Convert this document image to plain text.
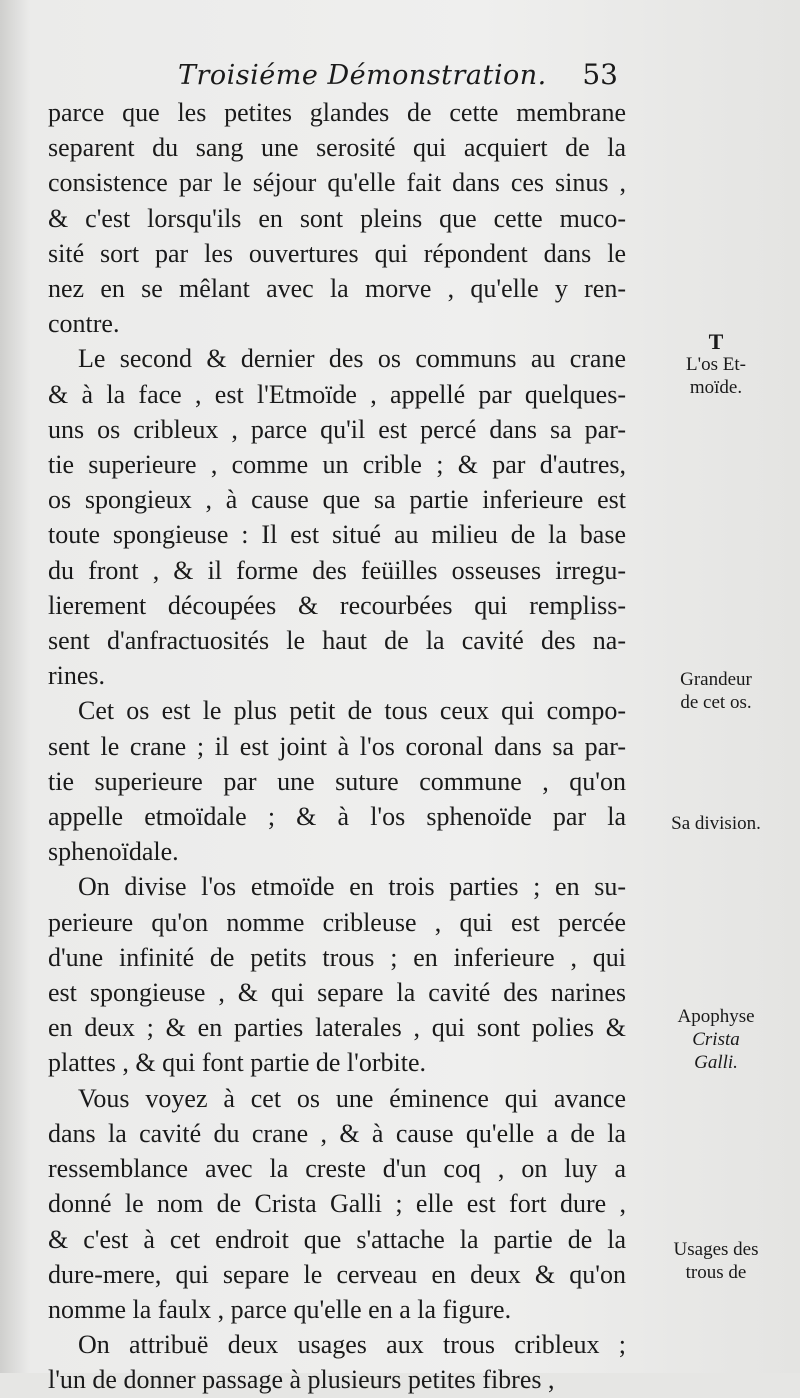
Troisiéme Démonstration. 53
parce que les petites glandes de cette membrane
separent du sang une serosité qui acquiert de la
consistence par le séjour qu'elle fait dans ces sinus ,
& c'est lorsqu'ils en sont pleins que cette muco-
sité sort par les ouvertures qui répondent dans le
nez en se mêlant avec la morve , qu'elle y ren-
contre.
Le second & dernier des os communs au crane
& à la face , est l'Etmoïde , appellé par quelques-
uns os cribleux , parce qu'il est percé dans sa par-
tie superieure , comme un crible ; & par d'autres,
os spongieux , à cause que sa partie inferieure est
toute spongieuse : Il est situé au milieu de la base
du front , & il forme des feüilles osseuses irregu-
lierement découpées & recourbées qui rempliss-
sent d'anfractuosités le haut de la cavité des na-
rines.
Cet os est le plus petit de tous ceux qui compo-
sent le crane ; il est joint à l'os coronal dans sa par-
tie superieure par une suture commune , qu'on
appelle etmoïdale ; & à l'os sphenoïde par la
sphenoïdale.
On divise l'os etmoïde en trois parties ; en su-
perieure qu'on nomme cribleuse , qui est percée
d'une infinité de petits trous ; en inferieure , qui
est spongieuse , & qui separe la cavité des narines
en deux ; & en parties laterales , qui sont polies &
plattes , & qui font partie de l'orbite.
Vous voyez à cet os une éminence qui avance
dans la cavité du crane , & à cause qu'elle a de la
ressemblance avec la creste d'un coq , on luy a
donné le nom de Crista Galli ; elle est fort dure ,
& c'est à cet endroit que s'attache la partie de la
dure-mere, qui separe le cerveau en deux & qu'on
nomme la faulx , parce qu'elle en a la figure.
On attribuë deux usages aux trous cribleux ;
l'un de donner passage à plusieurs petites fibres ,
T
L'os Et-
moïde.
Grandeur
de cet os.
Sa division.
Apophyse
Crista
Galli.
Usages des
trous de
